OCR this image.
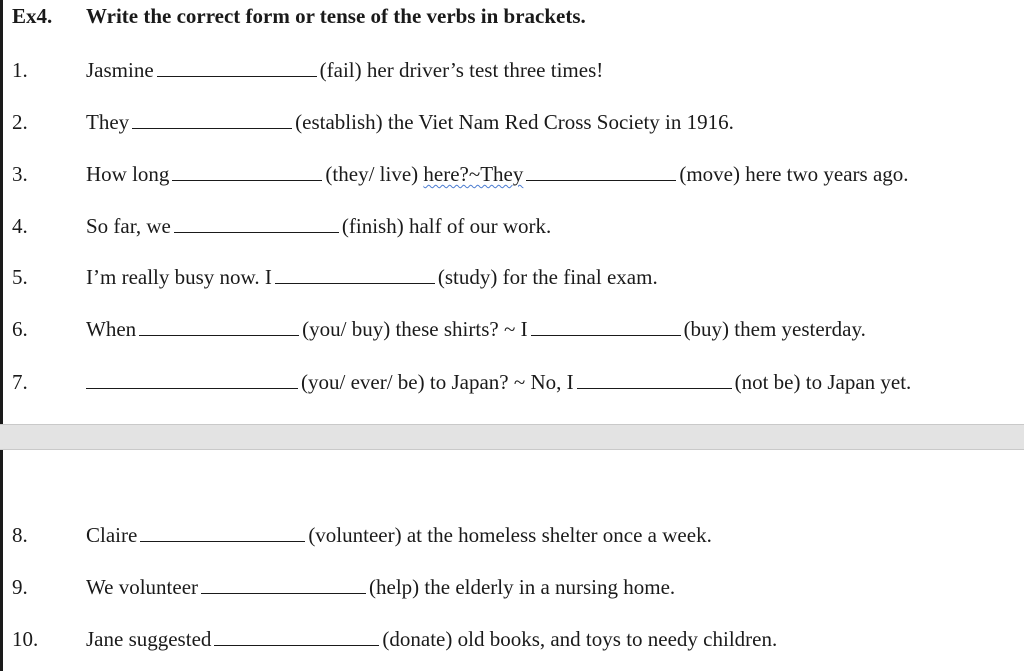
Ex4. Write the correct form or tense of the verbs in brackets.
1.	Jasmine	(fail) her driver’s test three times!
2.	They	(establish) the Viet Nam Red Cross Society in 1916.
3.	How long	(they/ live) here?~They	(move) here two years ago.
4.	So far, we	(finish) half of our work.
5.	I’m really busy now. I	(study) for the final exam.
6.	When	(you/ buy) these shirts? ~ I	(buy) them yesterday.
7.	(you/ ever/ be) to Japan? ~ No, I	(not be) to Japan yet.
8.	Claire	(volunteer) at the homeless shelter once a week.
9.	We volunteer	(help) the elderly in a nursing home.
10. Jane suggested	(donate) old books, and toys to needy children.
